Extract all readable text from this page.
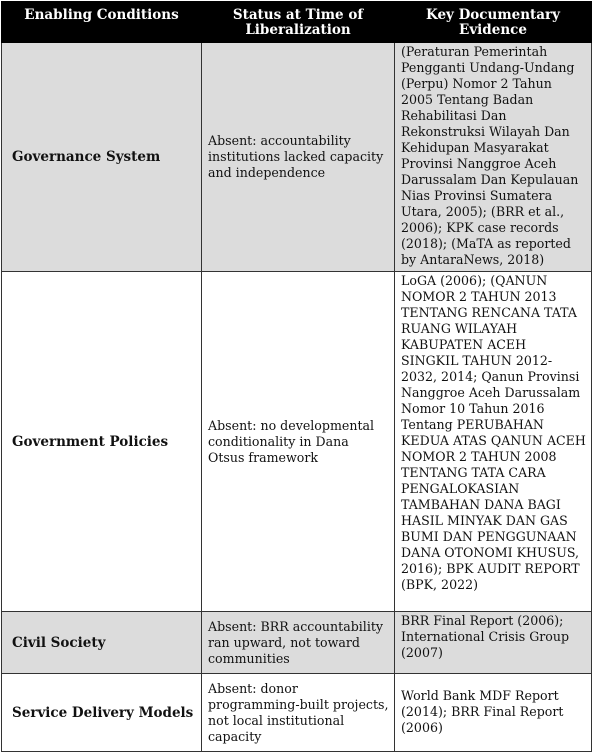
Enabling Conditions	Status at Time of Liberalization	Key Documentary Evidence
Governance System	Absent: accountability institutions lacked capacity and independence	(Peraturan Pemerintah Pengganti Undang-Undang (Perpu) Nomor 2 Tahun 2005 Tentang Badan Rehabilitasi Dan Rekonstruksi Wilayah Dan Kehidupan Masyarakat Provinsi Nanggroe Aceh Darussalam Dan Kepulauan Nias Provinsi Sumatera Utara, 2005); (BRR et al., 2006); KPK case records (2018); (MaTA as reported by AntaraNews, 2018)
Government Policies	Absent: no developmental conditionality in Dana Otsus framework	LoGA (2006); (QANUN NOMOR 2 TAHUN 2013 TENTANG RENCANA TATA RUANG WILAYAH KABUPATEN ACEH SINGKIL TAHUN 2012-2032, 2014; Qanun Provinsi Nanggroe Aceh Darussalam Nomor 10 Tahun 2016 Tentang PERUBAHAN KEDUA ATAS QANUN ACEH NOMOR 2 TAHUN 2008 TENTANG TATA CARA PENGALOKASIAN TAMBAHAN DANA BAGI HASIL MINYAK DAN GAS BUMI DAN PENGGUNAAN DANA OTONOMI KHUSUS, 2016); BPK AUDIT REPORT (BPK, 2022)
Civil Society	Absent: BRR accountability ran upward, not toward communities	BRR Final Report (2006); International Crisis Group (2007)
Service Delivery Models	Absent: donor programming-built projects, not local institutional capacity	World Bank MDF Report (2014); BRR Final Report (2006)
